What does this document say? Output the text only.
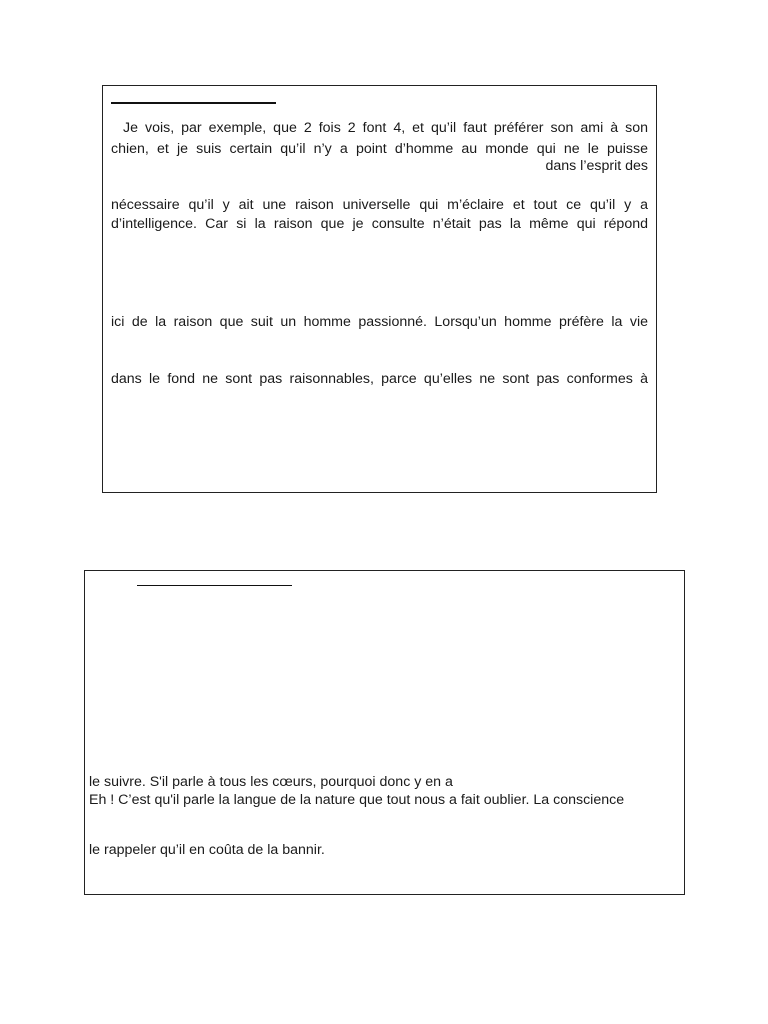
Je vois, par exemple, que 2 fois 2 font 4, et qu’il faut préférer son ami à son

chien, et je suis certain qu’il n’y a point d’homme au monde qui ne le puisse

dans l’esprit des

nécessaire qu’il y ait une raison universelle qui m’éclaire et tout ce qu’il y a

d’intelligence. Car si la raison que je consulte n’était pas la même qui répond

ici de la raison que suit un homme passionné. Lorsqu’un homme préfère la vie

dans le fond ne sont pas raisonnables, parce qu’elles ne sont pas conformes à

le suivre. S'il parle à tous les cœurs, pourquoi donc y en a

Eh ! C’est qu'il parle la langue de la nature que tout nous a fait oublier. La conscience

le rappeler qu’il en coûta de la bannir.
